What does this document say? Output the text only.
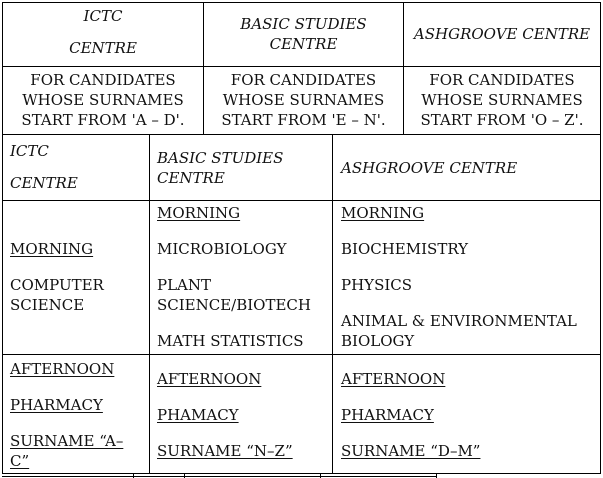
ICTC
CENTRE
BASIC STUDIES
CENTRE
ASHGROOVE CENTRE
FOR CANDIDATES
WHOSE SURNAMES
START FROM 'A – D'.
FOR CANDIDATES
WHOSE SURNAMES
START FROM 'E – N'.
FOR CANDIDATES
WHOSE SURNAMES
START FROM 'O – Z'.
ICTC
CENTRE
BASIC STUDIES
CENTRE
ASHGROOVE CENTRE
MORNING
COMPUTER
SCIENCE
MORNING
MICROBIOLOGY
PLANT
SCIENCE/BIOTECH
MATH STATISTICS
MORNING
BIOCHEMISTRY
PHYSICS
ANIMAL & ENVIRONMENTAL
BIOLOGY
AFTERNOON
PHARMACY
SURNAME “A–
C”
AFTERNOON
PHAMACY
SURNAME “N–Z”
AFTERNOON
PHARMACY
SURNAME “D–M”
